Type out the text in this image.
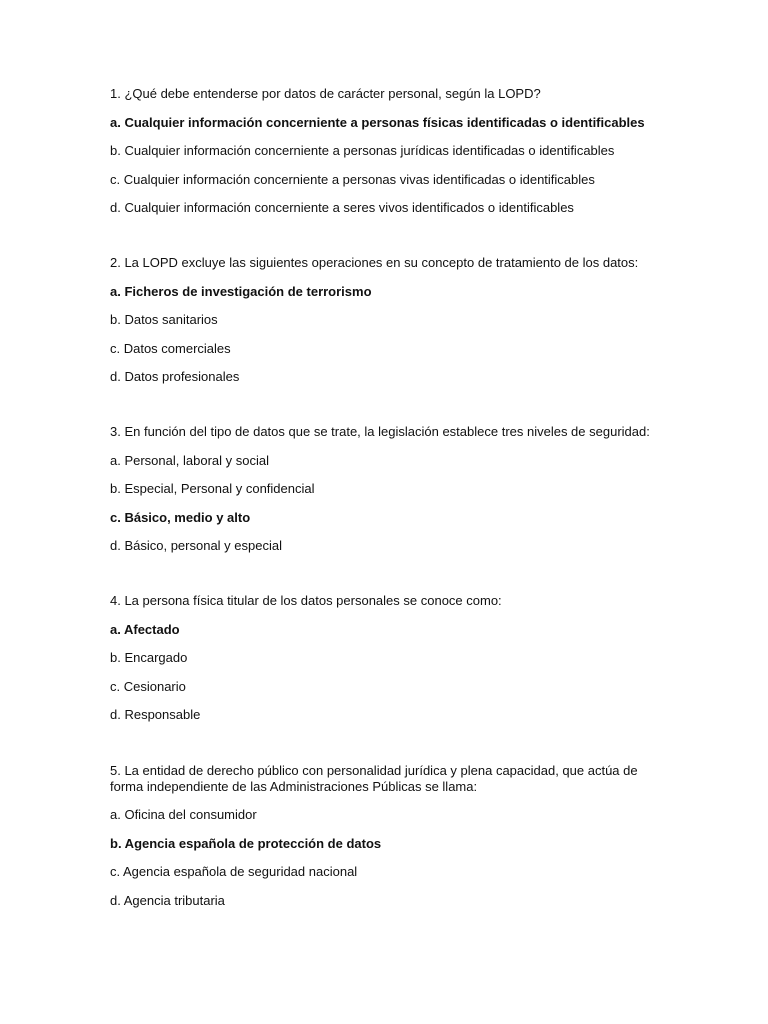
1. ¿Qué debe entenderse por datos de carácter personal, según la LOPD?
a. Cualquier información concerniente a personas físicas identificadas o identificables
b. Cualquier información concerniente a personas jurídicas identificadas o identificables
c. Cualquier información concerniente a personas vivas identificadas o identificables
d. Cualquier información concerniente a seres vivos identificados o identificables
2. La LOPD excluye las siguientes operaciones en su concepto de tratamiento de los datos:
a. Ficheros de investigación de terrorismo
b. Datos sanitarios
c. Datos comerciales
d. Datos profesionales
3. En función del tipo de datos que se trate, la legislación establece tres niveles de seguridad:
a. Personal, laboral y social
b. Especial, Personal y confidencial
c. Básico, medio y alto
d. Básico, personal y especial
4. La persona física titular de los datos personales se conoce como:
a. Afectado
b. Encargado
c. Cesionario
d. Responsable
5. La entidad de derecho público con personalidad jurídica y plena capacidad, que actúa de forma independiente de las Administraciones Públicas se llama:
a. Oficina del consumidor
b. Agencia española de protección de datos
c. Agencia española de seguridad nacional
d. Agencia tributaria
